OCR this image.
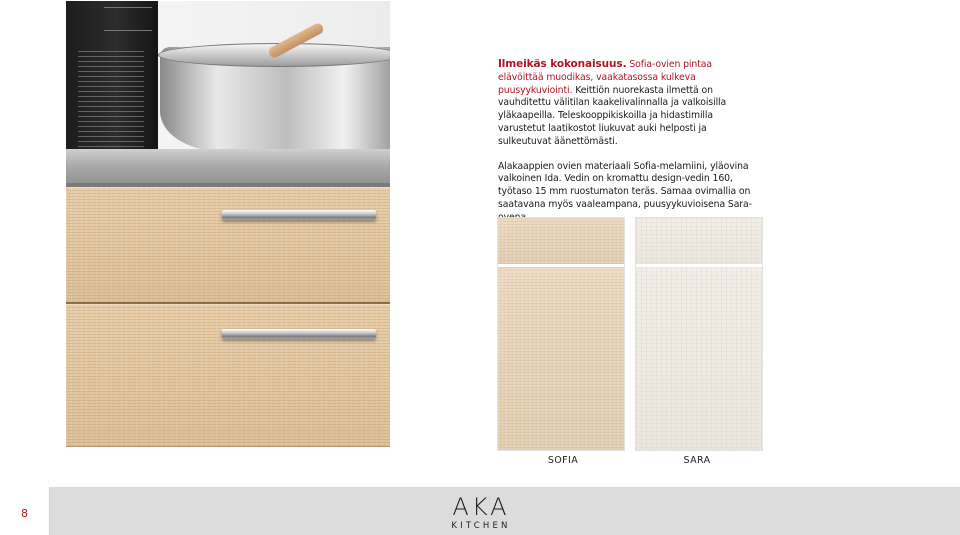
Ilmeikäs kokonaisuus. Sofia-ovien pintaa elävöittää muodikas, vaakatasossa kulkeva puusyykuviointi. Keittiön nuorekasta ilmettä on vauhditettu välitilan kaakelivalinnalla ja valkoisilla yläkaapeilla. Teleskooppikiskoilla ja hidastimilla varustetut laatikostot liukuvat auki helposti ja sulkeutuvat äänettömästi.

Alakaappien ovien materiaali Sofia-melamiini, yläovina valkoinen Ida. Vedin on kromattu design-vedin 160, työtaso 15 mm ruostumaton teräs. Samaa ovimallia on saatavana myös vaaleampana, puusyykuvioisena Sara-

SOFIA	SARA
8	AKA
KITCHEN
